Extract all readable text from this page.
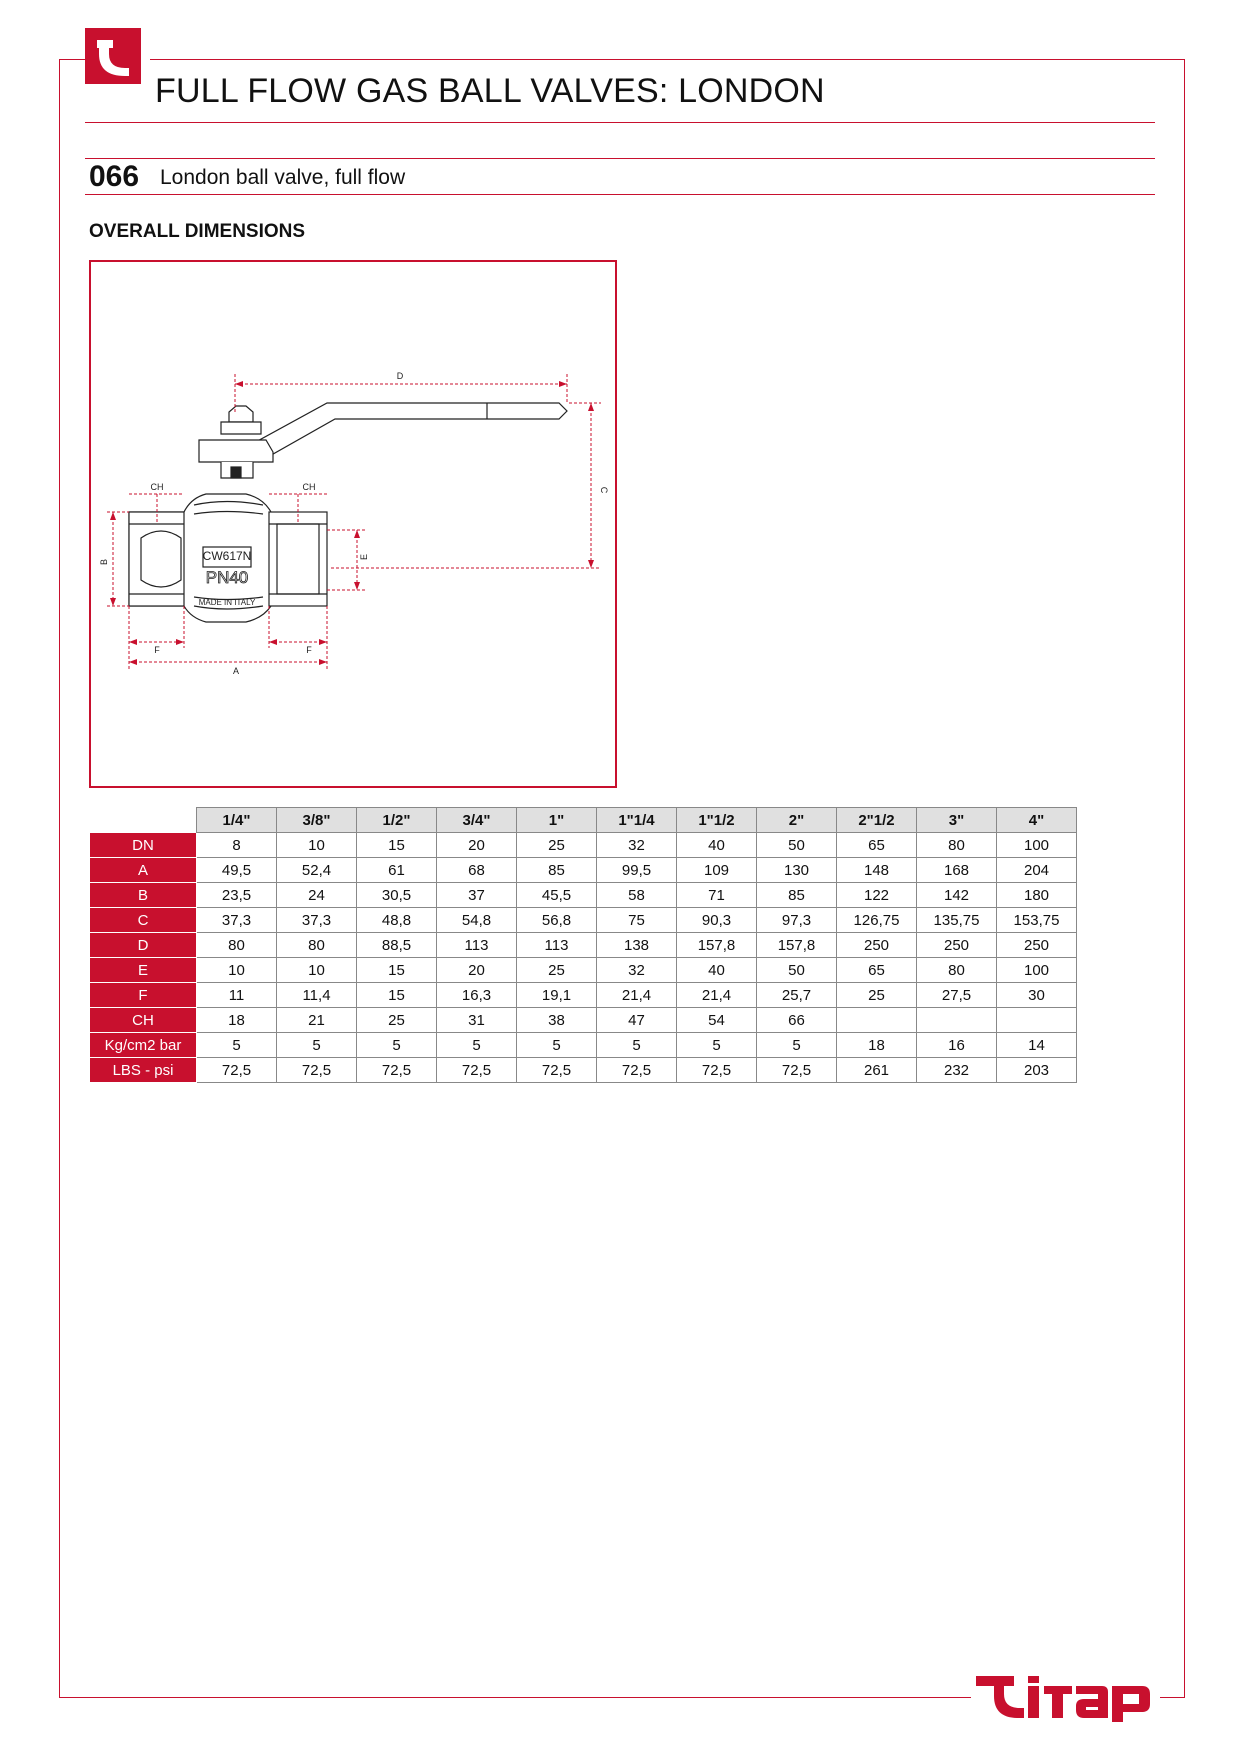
FULL FLOW GAS BALL VALVES: LONDON
066 London ball valve, full flow
OVERALL DIMENSIONS
CW617N
PN40
MADE IN ITALY
D
C
E
B
CH	CH
F	F
A
	1/4"	3/8"	1/2"	3/4"	1"	1"1/4	1"1/2	2"	2"1/2	3"	4"
DN	8	10	15	20	25	32	40	50	65	80	100
A	49,5	52,4	61	68	85	99,5	109	130	148	168	204
B	23,5	24	30,5	37	45,5	58	71	85	122	142	180
C	37,3	37,3	48,8	54,8	56,8	75	90,3	97,3	126,75	135,75	153,75
D	80	80	88,5	113	113	138	157,8	157,8	250	250	250
E	10	10	15	20	25	32	40	50	65	80	100
F	11	11,4	15	16,3	19,1	21,4	21,4	25,7	25	27,5	30
CH	18	21	25	31	38	47	54	66			
Kg/cm2 bar	5	5	5	5	5	5	5	5	18	16	14
LBS - psi	72,5	72,5	72,5	72,5	72,5	72,5	72,5	72,5	261	232	203
